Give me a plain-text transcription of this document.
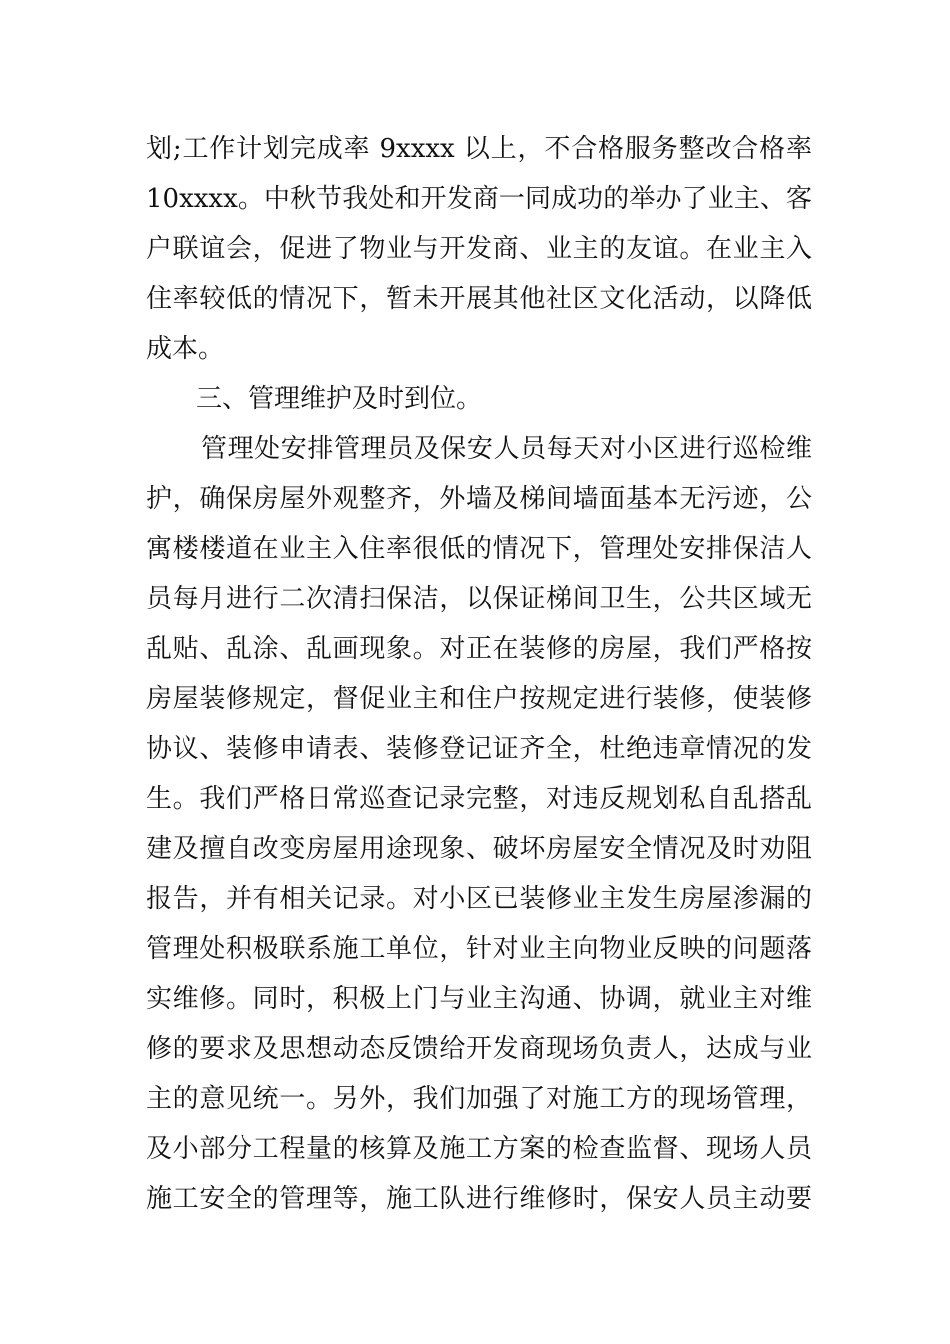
划;工作计划完成率 9xxxx 以上，不合格服务整改合格率
10xxxx。中秋节我处和开发商一同成功的举办了业主、客
户联谊会，促进了物业与开发商、业主的友谊。在业主入
住率较低的情况下，暂未开展其他社区文化活动，以降低
成本。
三、管理维护及时到位。
管理处安排管理员及保安人员每天对小区进行巡检维
护，确保房屋外观整齐，外墙及梯间墙面基本无污迹，公
寓楼楼道在业主入住率很低的情况下，管理处安排保洁人
员每月进行二次清扫保洁，以保证梯间卫生，公共区域无
乱贴、乱涂、乱画现象。对正在装修的房屋，我们严格按
房屋装修规定，督促业主和住户按规定进行装修，使装修
协议、装修申请表、装修登记证齐全，杜绝违章情况的发
生。我们严格日常巡查记录完整，对违反规划私自乱搭乱
建及擅自改变房屋用途现象、破坏房屋安全情况及时劝阻
报告，并有相关记录。对小区已装修业主发生房屋渗漏的
管理处积极联系施工单位，针对业主向物业反映的问题落
实维修。同时，积极上门与业主沟通、协调，就业主对维
修的要求及思想动态反馈给开发商现场负责人，达成与业
主的意见统一。另外，我们加强了对施工方的现场管理，
及小部分工程量的核算及施工方案的检查监督、现场人员
施工安全的管理等，施工队进行维修时，保安人员主动要
